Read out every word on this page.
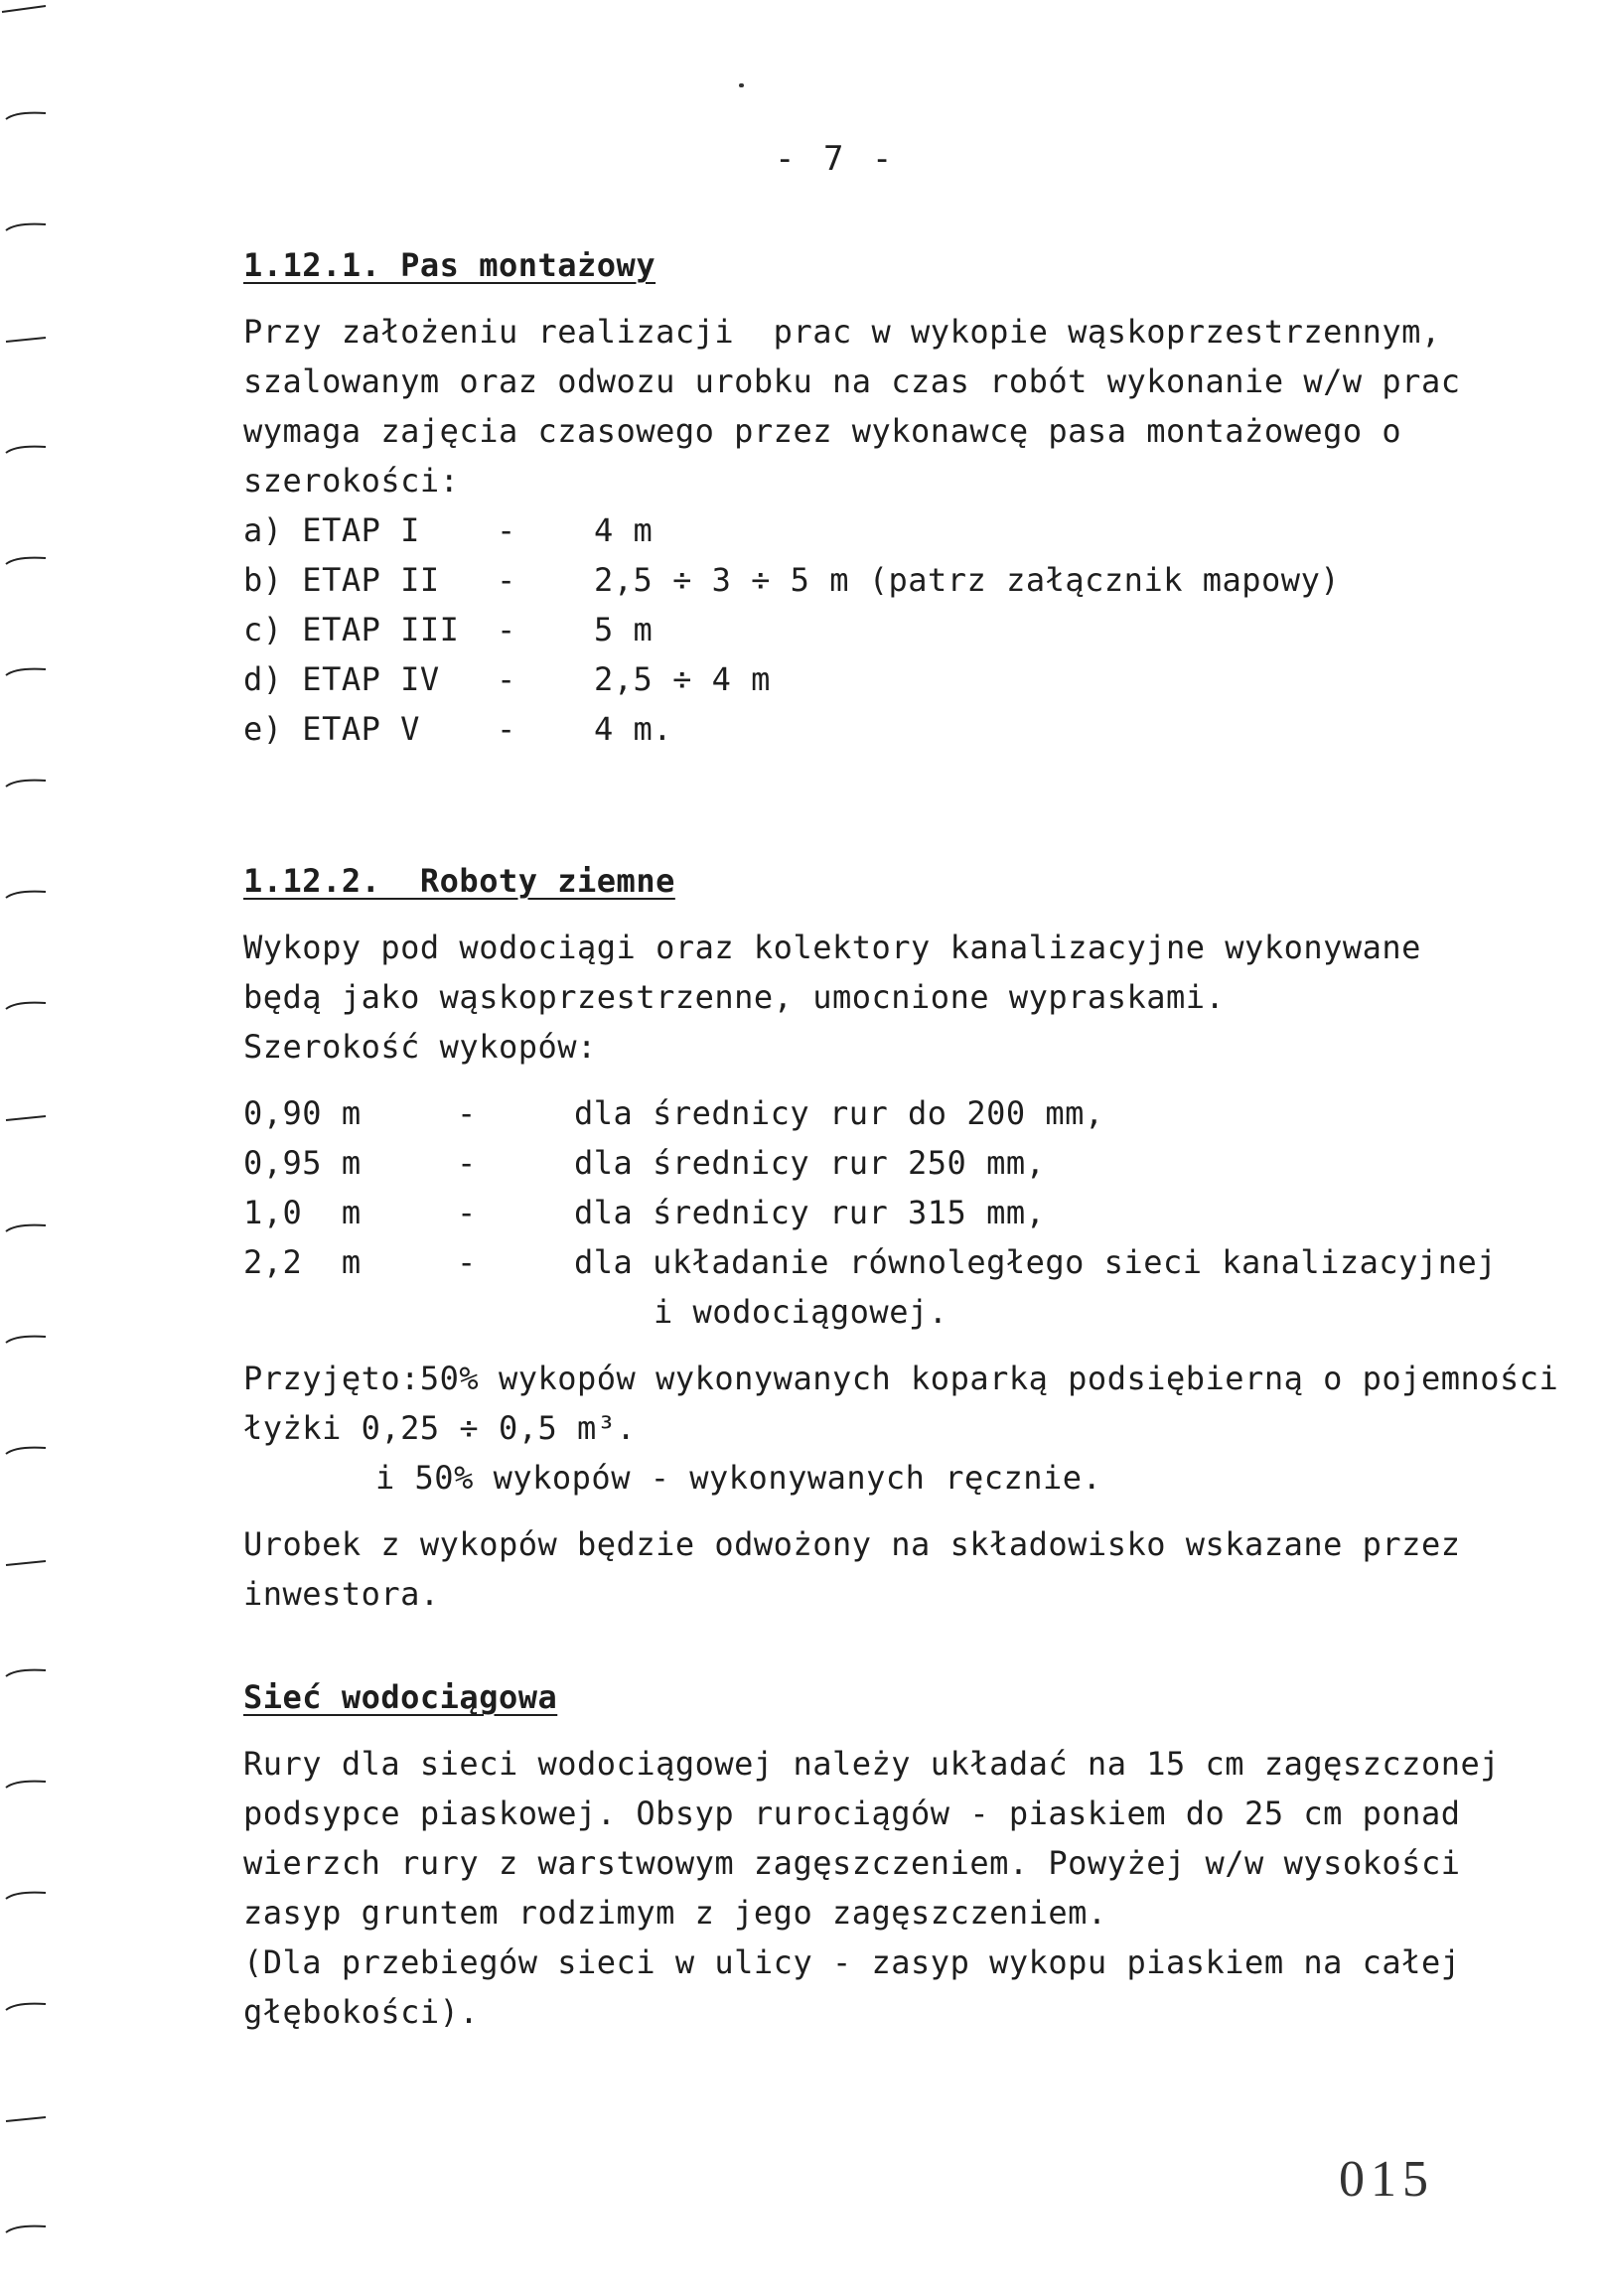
- 7 -
1.12.1. Pas montażowy
Przy założeniu realizacji  prac w wykopie wąskoprzestrzennym,
szalowanym oraz odwozu urobku na czas robót wykonanie w/w prac
wymaga zajęcia czasowego przez wykonawcę pasa montażowego o
szerokości:
a) ETAP I - 4 m
b) ETAP II - 2,5 ÷ 3 ÷ 5 m (patrz załącznik mapowy)
c) ETAP III - 5 m
d) ETAP IV - 2,5 ÷ 4 m
e) ETAP V - 4 m.
1.12.2.  Roboty ziemne
Wykopy pod wodociągi oraz kolektory kanalizacyjne wykonywane
będą jako wąskoprzestrzenne, umocnione wypraskami.
Szerokość wykopów:
0,90 m	-	dla średnicy rur do 200 mm,
0,95 m	-	dla średnicy rur 250 mm,
1,0  m	-	dla średnicy rur 315 mm,
2,2  m	-	dla układanie równoległego sieci kanalizacyjnej
i wodociągowej.
Przyjęto:50% wykopów wykonywanych koparką podsiębierną o pojemności
łyżki 0,25 ÷ 0,5 m³.
i 50% wykopów - wykonywanych ręcznie.
Urobek z wykopów będzie odwożony na składowisko wskazane przez
inwestora.
Sieć wodociągowa
Rury dla sieci wodociągowej należy układać na 15 cm zagęszczonej
podsypce piaskowej. Obsyp rurociągów - piaskiem do 25 cm ponad
wierzch rury z warstwowym zagęszczeniem. Powyżej w/w wysokości
zasyp gruntem rodzimym z jego zagęszczeniem.
(Dla przebiegów sieci w ulicy - zasyp wykopu piaskiem na całej
głębokości).
015
